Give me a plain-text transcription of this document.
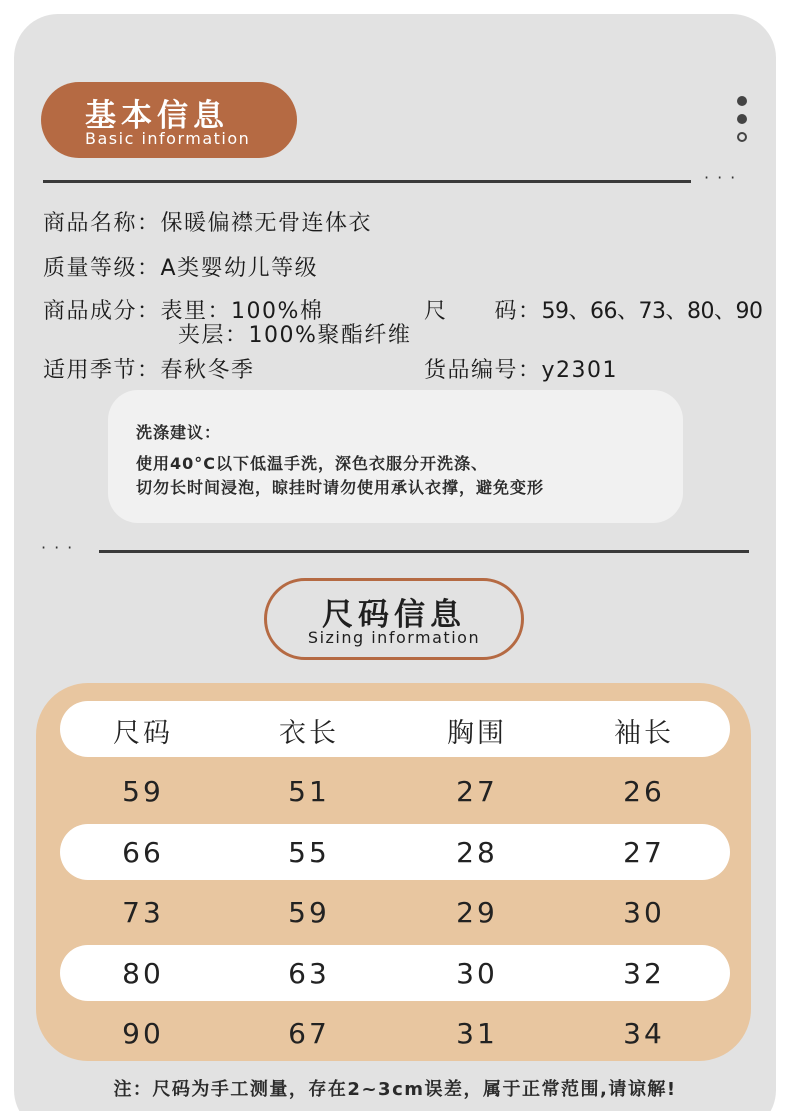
基本信息
Basic information
···
商品名称：保暖偏襟无骨连体衣
质量等级：A类婴幼儿等级
商品成分：表里：100%棉
夹层：100%聚酯纤维
尺　　码：59、66、73、80、90
适用季节：春秋冬季	货品编号：y2301
洗涤建议：
使用40°C以下低温手洗，深色衣服分开洗涤、
切勿长时间浸泡，晾挂时请勿使用承认衣撑，避免变形
···
尺码信息
Sizing information
尺码	衣长	胸围	袖长
59	51	27	26
66	55	28	27
73	59	29	30
80	63	30	32
90	67	31	34
注：尺码为手工测量，存在2~3cm误差，属于正常范围,请谅解!
